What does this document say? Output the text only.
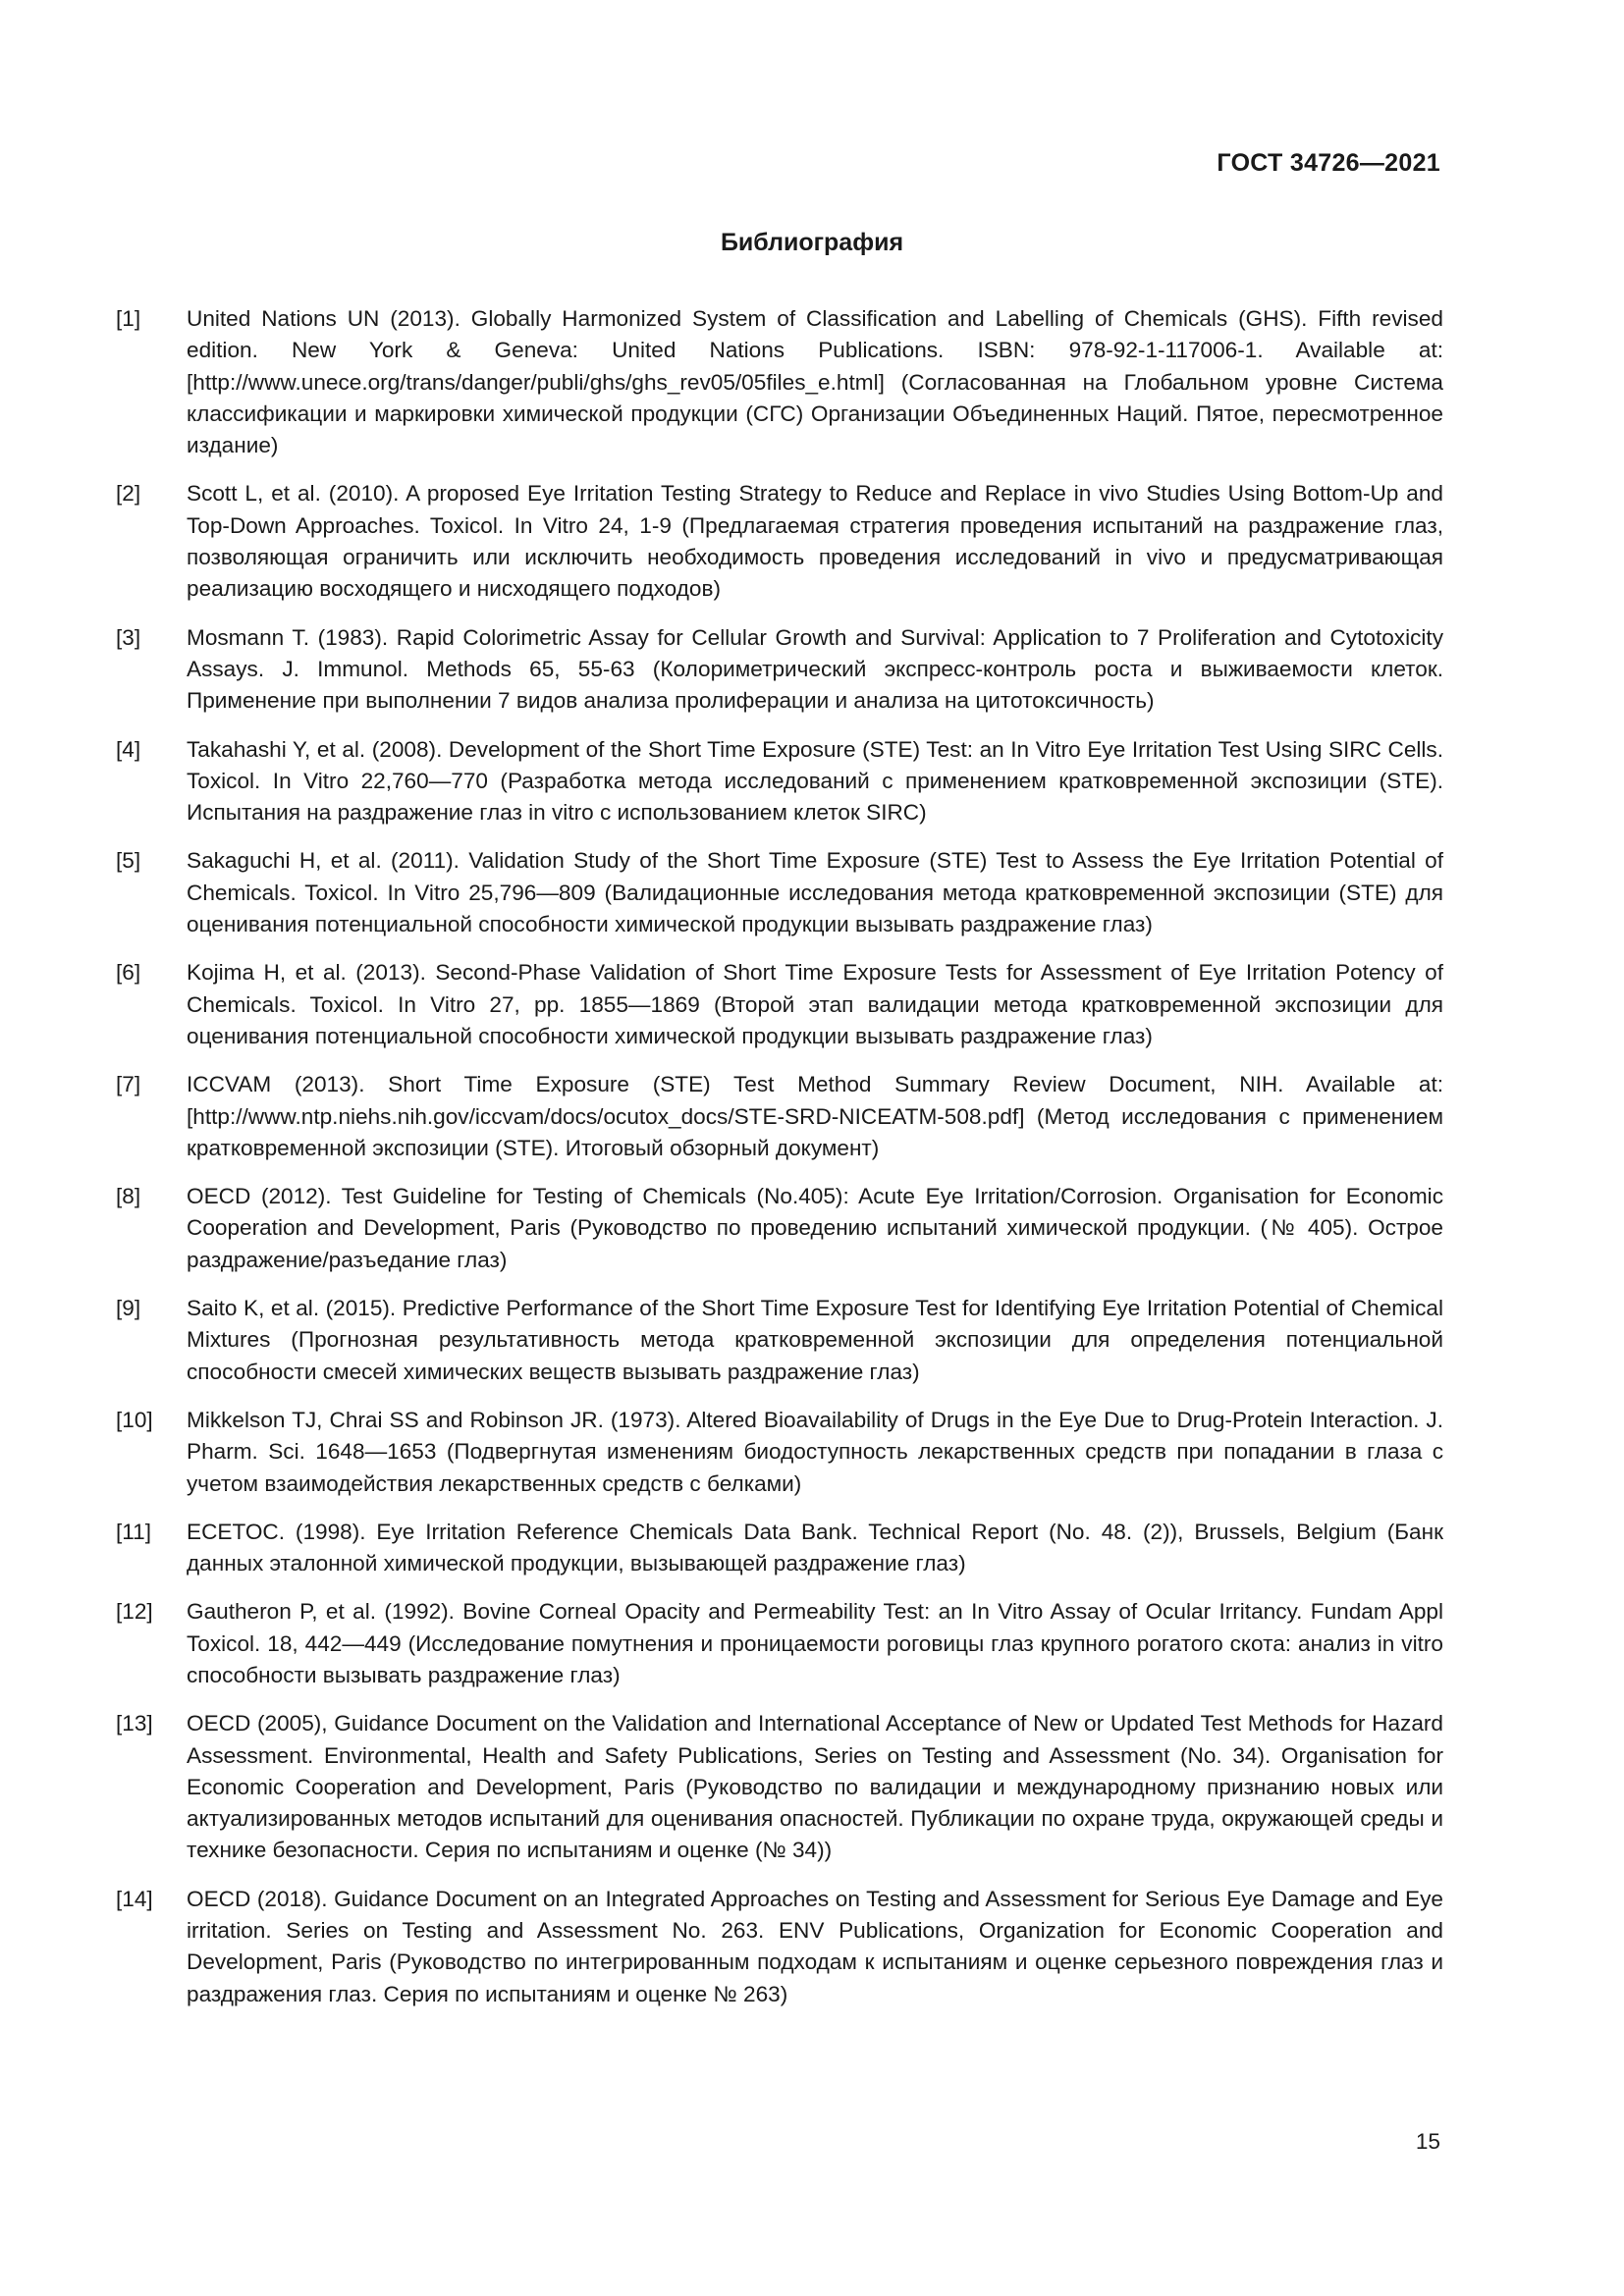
ГОСТ 34726—2021
Библиография
[1]	United Nations UN (2013). Globally Harmonized System of Classification and Labelling of Chemicals (GHS). Fifth revised edition. New York & Geneva: United Nations Publications. ISBN: 978-92-1-117006-1. Available at: [http://www.unece.org/trans/danger/publi/ghs/ghs_rev05/05files_e.html] (Согласованная на Глобальном уровне Система классификации и маркировки химической продукции (СГС) Организации Объединенных Наций. Пятое, пересмотренное издание)
[2]	Scott L, et al. (2010). A proposed Eye Irritation Testing Strategy to Reduce and Replace in vivo Studies Using Bottom-Up and Top-Down Approaches. Toxicol. In Vitro 24, 1-9 (Предлагаемая стратегия проведения испытаний на раздражение глаз, позволяющая ограничить или исключить необходимость проведения исследований in vivo и предусматривающая реализацию восходящего и нисходящего подходов)
[3]	Mosmann T. (1983). Rapid Colorimetric Assay for Cellular Growth and Survival: Application to 7 Proliferation and Cytotoxicity Assays. J. Immunol. Methods 65, 55-63 (Колориметрический экспресс-контроль роста и выживаемости клеток. Применение при выполнении 7 видов анализа пролиферации и анализа на цитотоксичность)
[4]	Takahashi Y, et al. (2008). Development of the Short Time Exposure (STE) Test: an In Vitro Eye Irritation Test Using SIRC Cells. Toxicol. In Vitro 22,760—770 (Разработка метода исследований с применением кратковременной экспозиции (STE). Испытания на раздражение глаз in vitro с использованием клеток SIRC)
[5]	Sakaguchi H, et al. (2011). Validation Study of the Short Time Exposure (STE) Test to Assess the Eye Irritation Potential of Chemicals. Toxicol. In Vitro 25,796—809 (Валидационные исследования метода кратковременной экспозиции (STE) для оценивания потенциальной способности химической продукции вызывать раздражение глаз)
[6]	Kojima H, et al. (2013). Second-Phase Validation of Short Time Exposure Tests for Assessment of Eye Irritation Potency of Chemicals. Toxicol. In Vitro 27, pp. 1855—1869 (Второй этап валидации метода кратковременной экспозиции для оценивания потенциальной способности химической продукции вызывать раздражение глаз)
[7]	ICCVAM (2013). Short Time Exposure (STE) Test Method Summary Review Document, NIH. Available at: [http://www.ntp.niehs.nih.gov/iccvam/docs/ocutox_docs/STE-SRD-NICEATM-508.pdf] (Метод исследования с применением кратковременной экспозиции (STE). Итоговый обзорный документ)
[8]	OECD (2012). Test Guideline for Testing of Chemicals (No.405): Acute Eye Irritation/Corrosion. Organisation for Economic Cooperation and Development, Paris (Руководство по проведению испытаний химической продукции. (№ 405). Острое раздражение/разъедание глаз)
[9]	Saito K, et al. (2015). Predictive Performance of the Short Time Exposure Test for Identifying Eye Irritation Potential of Chemical Mixtures (Прогнозная результативность метода кратковременной экспозиции для определения потенциальной способности смесей химических веществ вызывать раздражение глаз)
[10]	Mikkelson TJ, Chrai SS and Robinson JR. (1973). Altered Bioavailability of Drugs in the Eye Due to Drug-Protein Interaction. J. Pharm. Sci. 1648—1653 (Подвергнутая изменениям биодоступность лекарственных средств при попадании в глаза с учетом взаимодействия лекарственных средств с белками)
[11]	ECETOC. (1998). Eye Irritation Reference Chemicals Data Bank. Technical Report (No. 48. (2)), Brussels, Belgium (Банк данных эталонной химической продукции, вызывающей раздражение глаз)
[12]	Gautheron P, et al. (1992). Bovine Corneal Opacity and Permeability Test: an In Vitro Assay of Ocular Irritancy. Fundam Appl Toxicol. 18, 442—449 (Исследование помутнения и проницаемости роговицы глаз крупного рогатого скота: анализ in vitro способности вызывать раздражение глаз)
[13]	OECD (2005), Guidance Document on the Validation and International Acceptance of New or Updated Test Methods for Hazard Assessment. Environmental, Health and Safety Publications, Series on Testing and Assessment (No. 34). Organisation for Economic Cooperation and Development, Paris (Руководство по валидации и международному признанию новых или актуализированных методов испытаний для оценивания опасностей. Публикации по охране труда, окружающей среды и технике безопасности. Серия по испытаниям и оценке (№ 34))
[14]	OECD (2018). Guidance Document on an Integrated Approaches on Testing and Assessment for Serious Eye Damage and Eye irritation. Series on Testing and Assessment No. 263. ENV Publications, Organization for Economic Cooperation and Development, Paris (Руководство по интегрированным подходам к испытаниям и оценке серьезного повреждения глаз и раздражения глаз. Серия по испытаниям и оценке № 263)
15
